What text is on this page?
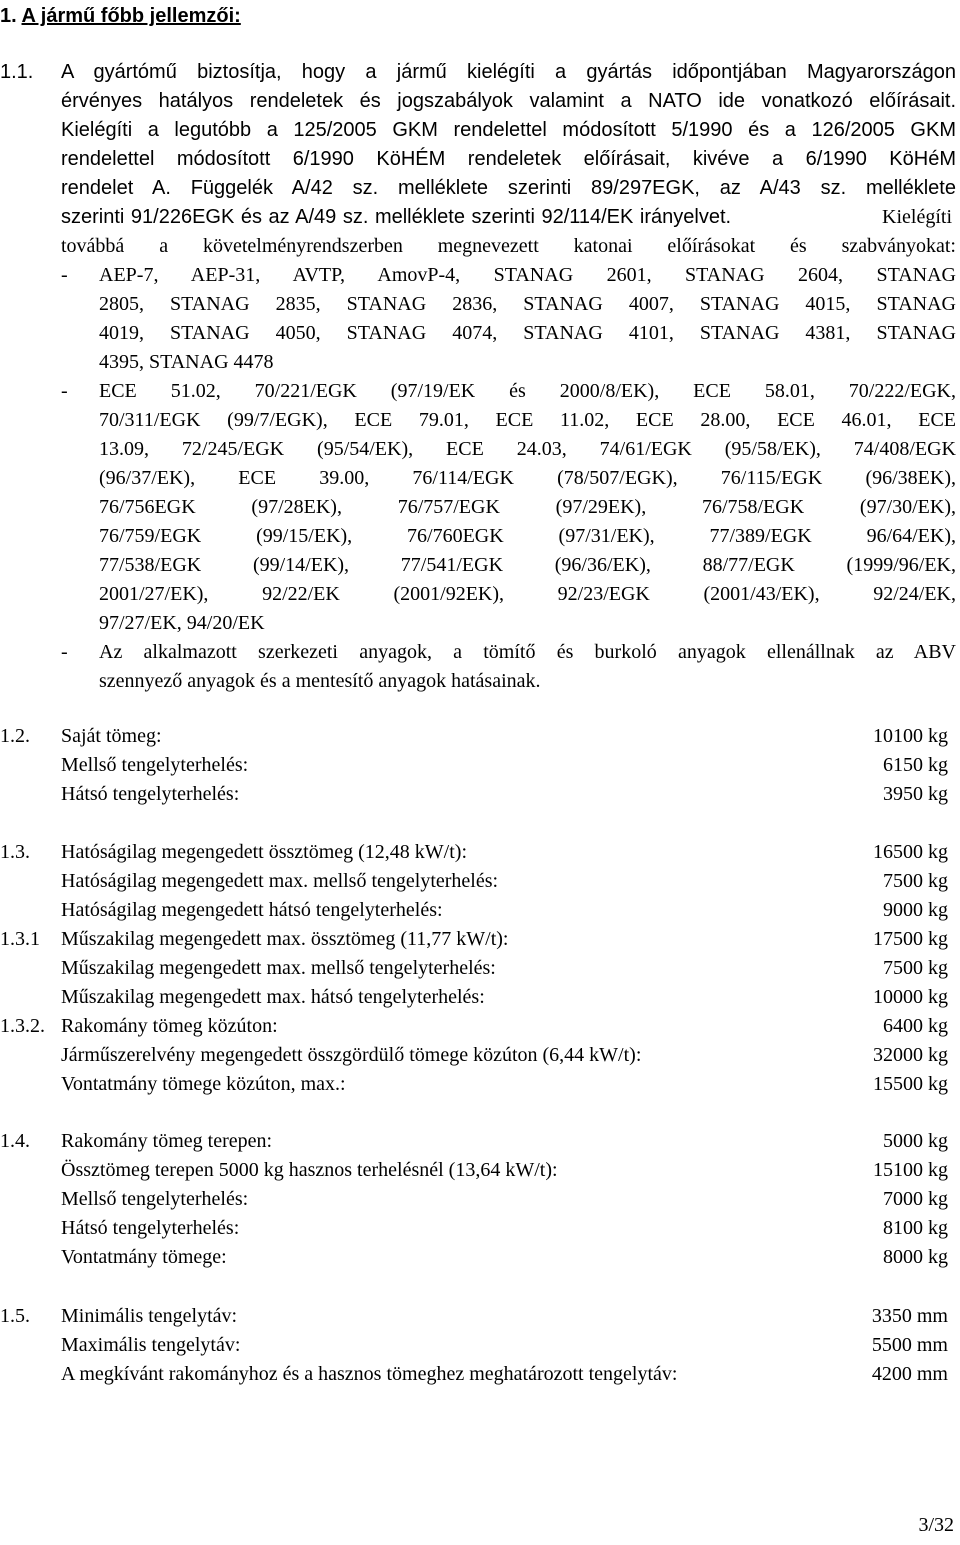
1. A jármű főbb jellemzői:
1.1. A gyártómű biztosítja, hogy a jármű kielégíti a gyártás időpontjában Magyarországon
érvényes hatályos rendeletek és jogszabályok valamint a NATO ide vonatkozó előírásait.
Kielégíti a legutóbb a 125/2005 GKM rendelettel módosított 5/1990 és a 126/2005 GKM
rendelettel módosított 6/1990 KöHÉM rendeletek előírásait, kivéve a 6/1990 KöHéM
rendelet A. Függelék A/42 sz. melléklete szerinti 89/297EGK, az A/43 sz. melléklete
szerinti 91/226EGK és az A/49 sz. melléklete szerinti 92/114/EK irányelvet.	Kielégíti
továbbá a követelményrendszerben megnevezett katonai előírásokat és szabványokat:
- AEP-7, AEP-31, AVTP, AmovP-4, STANAG 2601, STANAG 2604, STANAG
2805, STANAG 2835, STANAG 2836, STANAG 4007, STANAG 4015, STANAG
4019, STANAG 4050, STANAG 4074, STANAG 4101, STANAG 4381, STANAG
4395, STANAG 4478
- ECE 51.02, 70/221/EGK (97/19/EK és 2000/8/EK), ECE 58.01, 70/222/EGK,
70/311/EGK (99/7/EGK), ECE 79.01, ECE 11.02, ECE 28.00, ECE 46.01, ECE
13.09, 72/245/EGK (95/54/EK), ECE 24.03, 74/61/EGK (95/58/EK), 74/408/EGK
(96/37/EK), ECE 39.00, 76/114/EGK (78/507/EGK), 76/115/EGK (96/38EK),
76/756EGK (97/28EK), 76/757/EGK (97/29EK), 76/758/EGK (97/30/EK),
76/759/EGK (99/15/EK), 76/760EGK (97/31/EK), 77/389/EGK 96/64/EK),
77/538/EGK (99/14/EK), 77/541/EGK (96/36/EK), 88/77/EGK (1999/96/EK,
2001/27/EK), 92/22/EK (2001/92EK), 92/23/EGK (2001/43/EK), 92/24/EK,
97/27/EK, 94/20/EK
- Az alkalmazott szerkezeti anyagok, a tömítő és burkoló anyagok ellenállnak az ABV
szennyező anyagok és a mentesítő anyagok hatásainak.
1.2. Saját tömeg:	10100 kg
Mellső tengelyterhelés:	6150 kg
Hátsó tengelyterhelés:	3950 kg
1.3. Hatóságilag megengedett össztömeg (12,48 kW/t):	16500 kg
Hatóságilag megengedett max. mellső tengelyterhelés:	7500 kg
Hatóságilag megengedett hátsó tengelyterhelés:	9000 kg
1.3.1 Műszakilag megengedett max. össztömeg (11,77 kW/t):	17500 kg
Műszakilag megengedett max. mellső tengelyterhelés:	7500 kg
Műszakilag megengedett max. hátsó tengelyterhelés:	10000 kg
1.3.2. Rakomány tömeg közúton:	6400 kg
Járműszerelvény megengedett összgördülő tömege közúton (6,44 kW/t):	32000 kg
Vontatmány tömege közúton, max.:	15500 kg
1.4. Rakomány tömeg terepen:	5000 kg
Össztömeg terepen 5000 kg hasznos terhelésnél (13,64 kW/t):	15100 kg
Mellső tengelyterhelés:	7000 kg
Hátsó tengelyterhelés:	8100 kg
Vontatmány tömege:	8000 kg
1.5. Minimális tengelytáv:	3350 mm
Maximális tengelytáv:	5500 mm
A megkívánt rakományhoz és a hasznos tömeghez meghatározott tengelytáv:	4200 mm
3/32
